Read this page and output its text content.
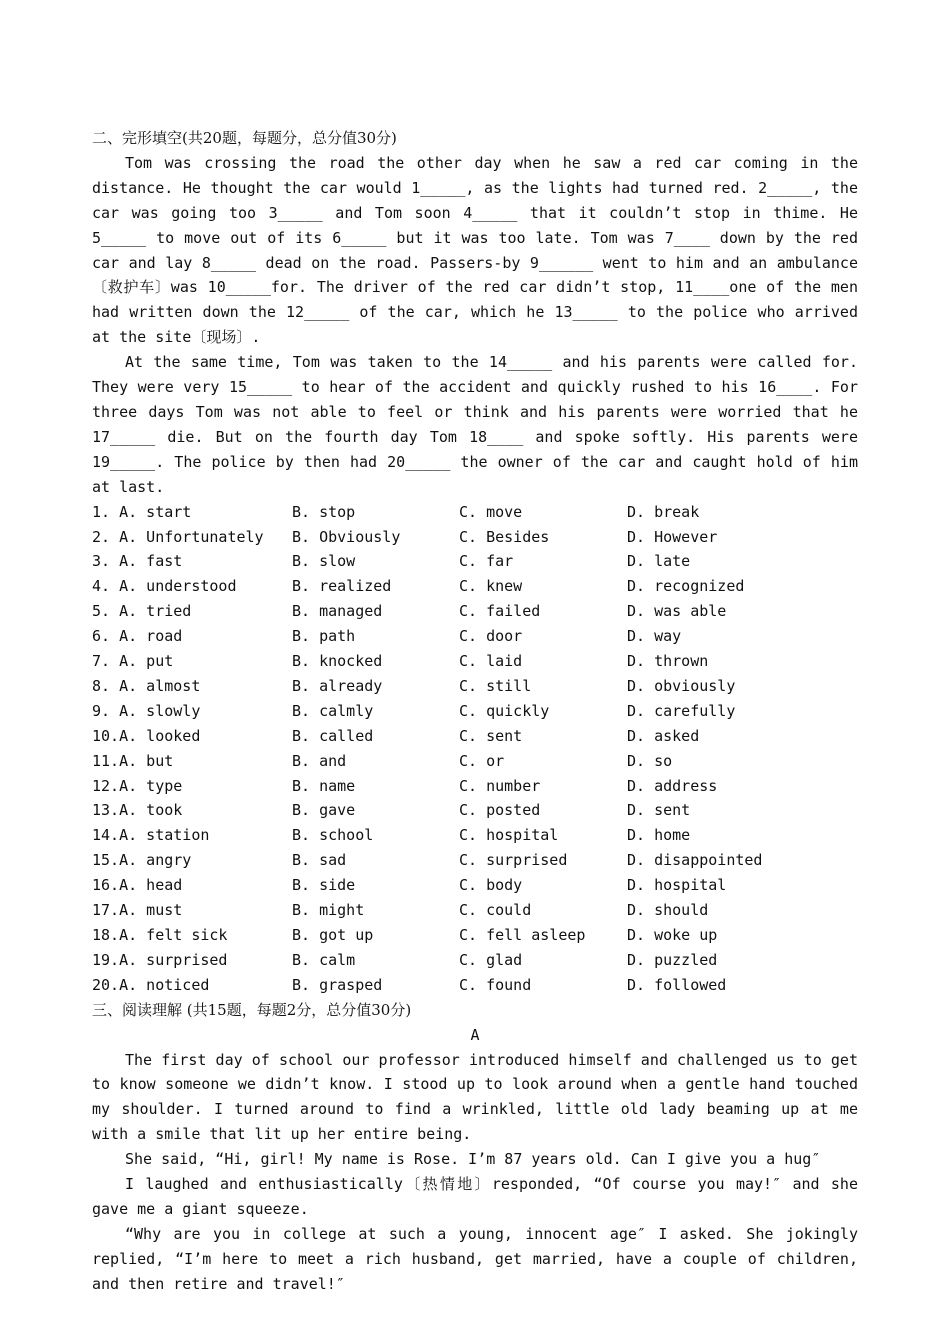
二、完形填空(共20题，每题分，总分值30分)

Tom was crossing the road the other day when he saw a red car coming in the distance. He thought the car would 1_____, as the lights had turned red. 2_____, the car was going too 3_____ and Tom soon 4_____ that it couldn’t stop in thime. He 5_____ to move out of its 6_____ but it was too late. Tom was 7____ down by the red car and lay 8_____ dead on the road. Passers-by 9______ went to him and an ambulance〔救护车〕was 10_____for. The driver of the red car didn’t stop, 11____one of the men had written down the 12_____ of the car, which he 13_____ to the police who arrived at the site〔现场〕.

At the same time, Tom was taken to the 14_____ and his parents were called for. They were very 15_____ to hear of the accident and quickly rushed to his 16____. For three days Tom was not able to feel or think and his parents were worried that he 17_____ die. But on the fourth day Tom 18____ and spoke softly. His parents were 19_____. The police by then had 20_____ the owner of the car and caught hold of him at last.

1. A. start	B. stop	C. move	D. break
2. A. Unfortunately	B. Obviously	C. Besides	D. However
3. A. fast	B. slow	C. far	D. late
4. A. understood	B. realized	C. knew	D. recognized
5. A. tried	B. managed	C. failed	D. was able
6. A. road	B. path	C. door	D. way
7. A. put	B. knocked	C. laid	D. thrown
8. A. almost	B. already	C. still	D. obviously
9. A. slowly	B. calmly	C. quickly	D. carefully
10.A. looked	B. called	C. sent	D. asked
11.A. but	B. and	C. or	D. so
12.A. type	B. name	C. number	D. address
13.A. took	B. gave	C. posted	D. sent
14.A. station	B. school	C. hospital	D. home
15.A. angry	B. sad	C. surprised	D. disappointed
16.A. head	B. side	C. body	D. hospital
17.A. must	B. might	C. could	D. should
18.A. felt sick	B. got up	C. fell asleep	D. woke up
19.A. surprised	B. calm	C. glad	D. puzzled
20.A. noticed	B. grasped	C. found	D. followed
三、阅读理解 (共15题，每题2分，总分值30分)
A

The first day of school our professor introduced himself and challenged us to get to know someone we didn’t know. I stood up to look around when a gentle hand touched my shoulder. I turned around to find a wrinkled, little old lady beaming up at me with a smile that lit up her entire being.

She said, “Hi, girl! My name is Rose. I’m 87 years old. Can I give you a hug″

I laughed and enthusiastically〔热情地〕responded, “Of course you may!″ and she gave me a giant squeeze.

“Why are you in college at such a young, innocent age″ I asked. She jokingly replied, “I’m here to meet a rich husband, get married, have a couple of children, and then retire and travel!″
